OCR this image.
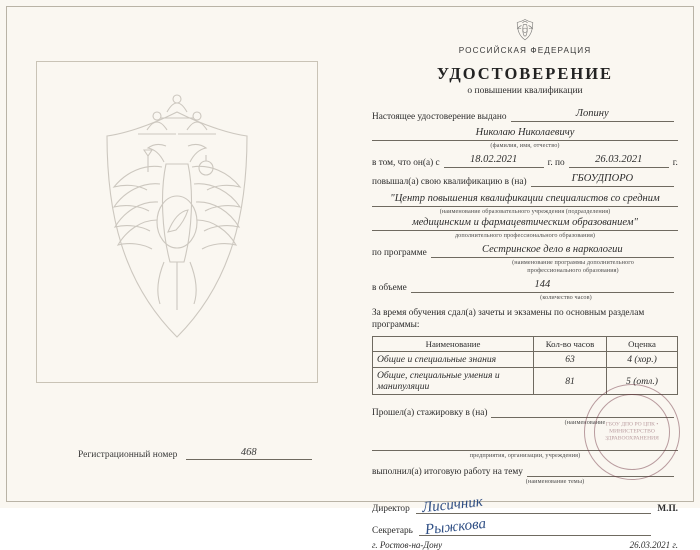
Регистрационный номер	468
РОССИЙСКАЯ ФЕДЕРАЦИЯ
УДОСТОВЕРЕНИЕ
о повышении квалификации
Настоящее удостоверение выдано	Лопину
Николаю Николаевичу
(фамилия, имя, отчество)
в том, что он(а) с	18.02.2021	г. по	26.03.2021	г.
повышал(а) свою квалификацию в (на)	ГБОУДПОРО
"Центр повышения квалификации специалистов со средним
(наименование образовательного учреждения (подразделения)
медицинским и фармацевтическим образованием"
дополнительного профессионального образования)
по программе	Сестринское дело в наркологии
(наименование программы дополнительного
профессионального образования)
в объеме	144
(количество часов)
За время обучения сдал(а) зачеты и экзамены по основным разделам
программы:
Наименование	Кол-во часов	Оценка
Общие и специальные знания	63	4 (хор.)
Общие, специальные умения и манипуляции	81	5 (отл.)
Прошел(а) стажировку в (на)
(наименование

предприятия, организации, учреждения)
выполнил(а) итоговую работу на тему
(наименование темы)
Директор Лисичник	М.П.
Секретарь Рыжкова
г. Ростов-на-Дону	26.03.2021 г.
ГБОУ ДПО РО ЦПК • МИНИСТЕРСТВО ЗДРАВООХРАНЕНИЯ
